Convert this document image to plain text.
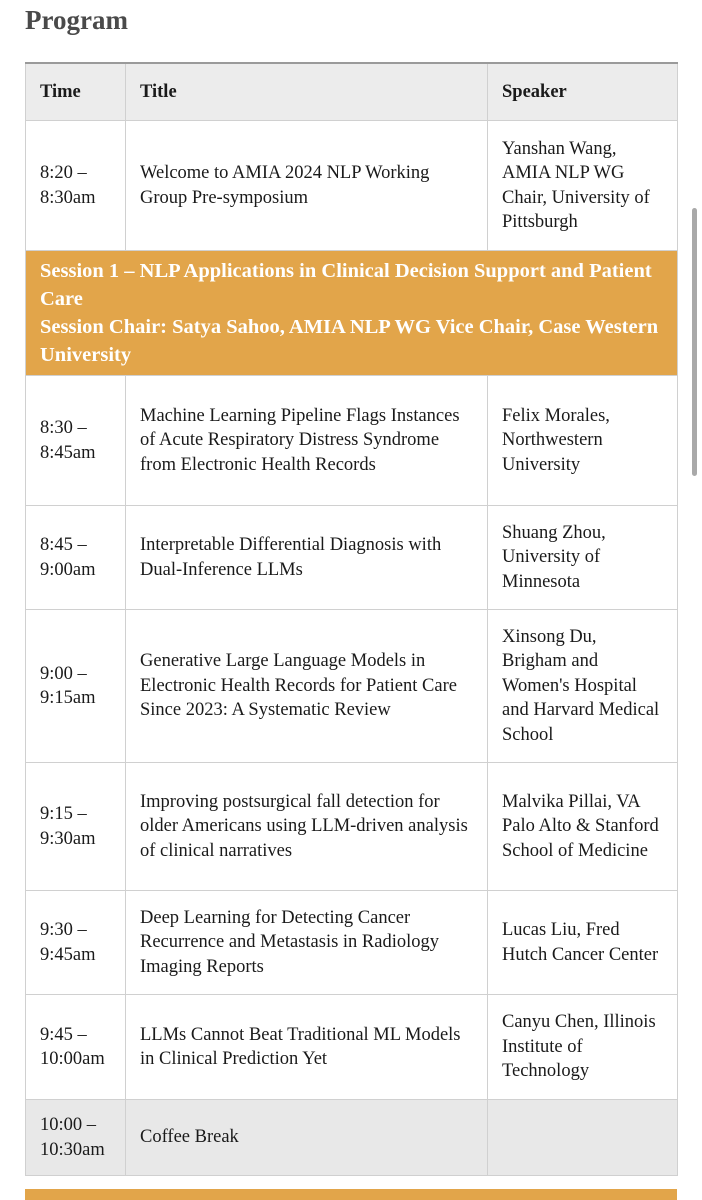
Program
Time	Title	Speaker
8:20 – 8:30am	Welcome to AMIA 2024 NLP Working Group Pre-symposium	Yanshan Wang, AMIA NLP WG Chair, University of Pittsburgh

Session 1 – NLP Applications in Clinical Decision Support and Patient Care
Session Chair: Satya Sahoo, AMIA NLP WG Vice Chair, Case Western University		

8:30 – 8:45am	Machine Learning Pipeline Flags Instances of Acute Respiratory Distress Syndrome from Electronic Health Records	Felix Morales, Northwestern University
8:45 – 9:00am	Interpretable Differential Diagnosis with Dual-Inference LLMs	Shuang Zhou, University of Minnesota
9:00 – 9:15am	Generative Large Language Models in Electronic Health Records for Patient Care Since 2023: A Systematic Review	Xinsong Du, Brigham and Women's Hospital and Harvard Medical School
9:15 – 9:30am	Improving postsurgical fall detection for older Americans using LLM-driven analysis of clinical narratives	Malvika Pillai, VA Palo Alto & Stanford School of Medicine
9:30 – 9:45am	Deep Learning for Detecting Cancer Recurrence and Metastasis in Radiology Imaging Reports	Lucas Liu, Fred Hutch Cancer Center
9:45 – 10:00am	LLMs Cannot Beat Traditional ML Models in Clinical Prediction Yet	Canyu Chen, Illinois Institute of Technology
10:00 – 10:30am	Coffee Break	
